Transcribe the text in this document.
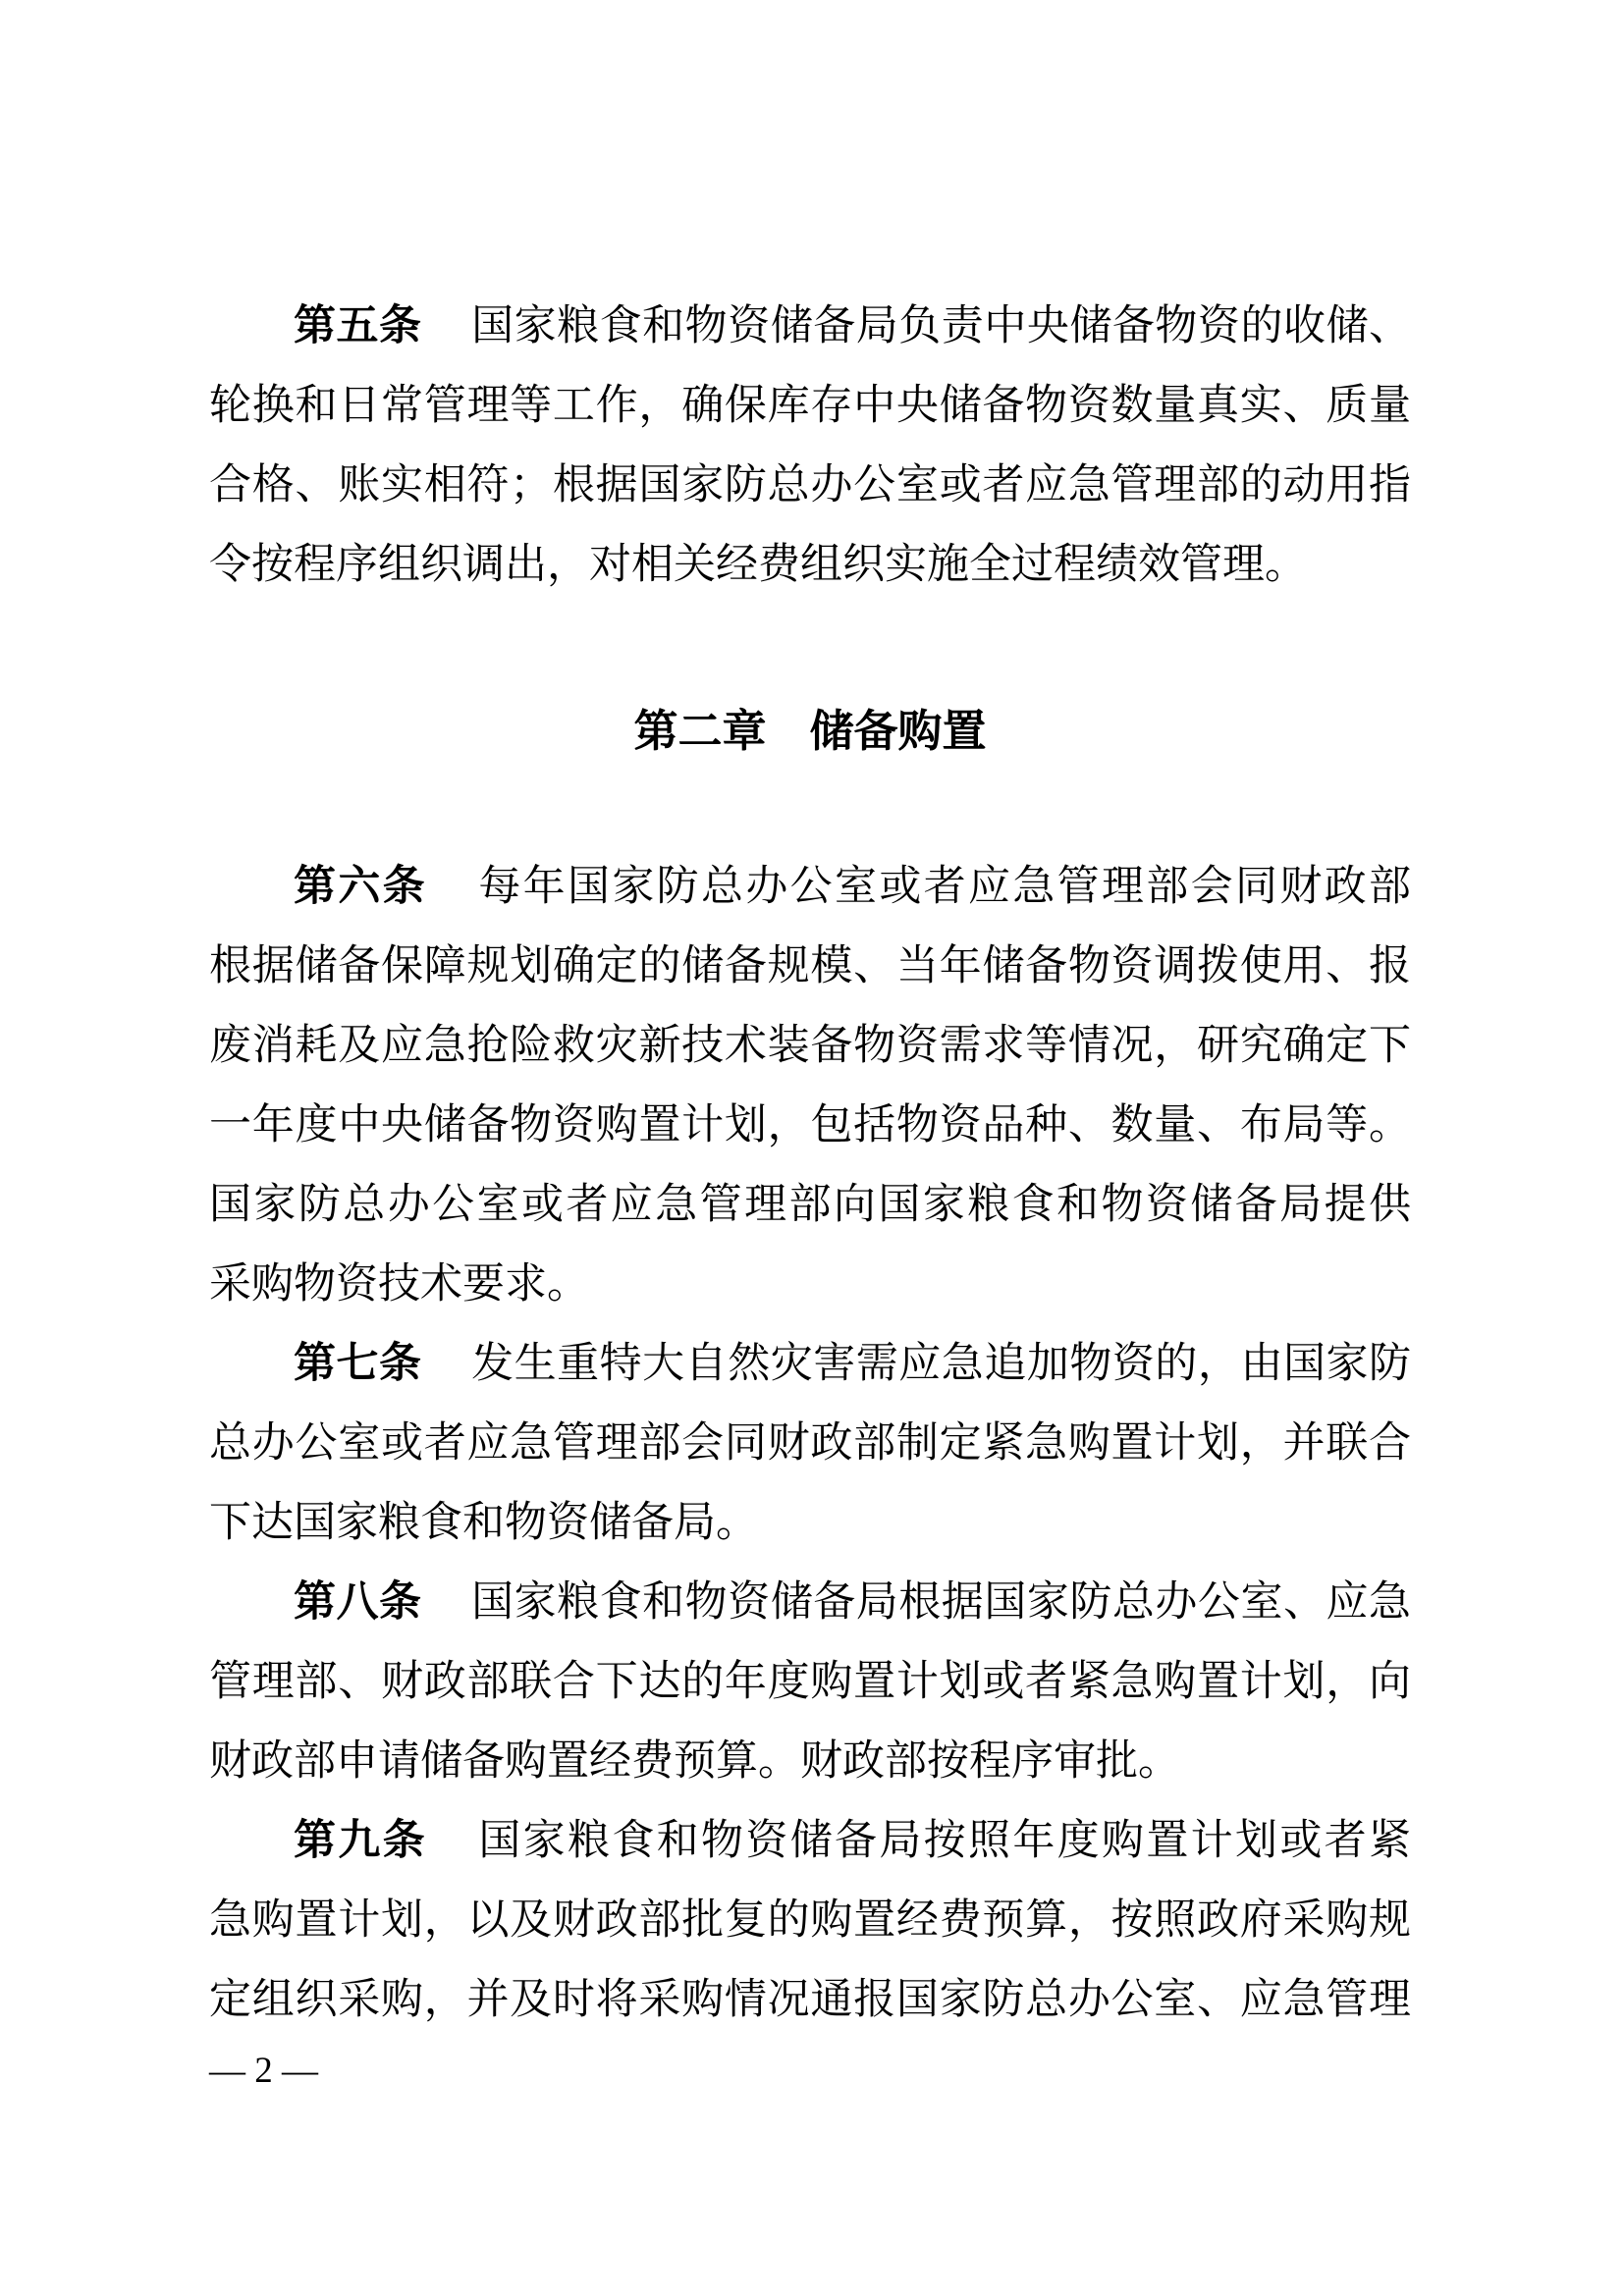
第五条 国家粮食和物资储备局负责中央储备物资的收储、
轮换和日常管理等工作，确保库存中央储备物资数量真实、质量
合格、账实相符；根据国家防总办公室或者应急管理部的动用指
令按程序组织调出，对相关经费组织实施全过程绩效管理。
第二章 储备购置
第六条 每年国家防总办公室或者应急管理部会同财政部
根据储备保障规划确定的储备规模、当年储备物资调拨使用、报
废消耗及应急抢险救灾新技术装备物资需求等情况，研究确定下
一年度中央储备物资购置计划，包括物资品种、数量、布局等。
国家防总办公室或者应急管理部向国家粮食和物资储备局提供
采购物资技术要求。
第七条 发生重特大自然灾害需应急追加物资的，由国家防
总办公室或者应急管理部会同财政部制定紧急购置计划，并联合
下达国家粮食和物资储备局。
第八条 国家粮食和物资储备局根据国家防总办公室、应急
管理部、财政部联合下达的年度购置计划或者紧急购置计划，向
财政部申请储备购置经费预算。财政部按程序审批。
第九条 国家粮食和物资储备局按照年度购置计划或者紧
急购置计划，以及财政部批复的购置经费预算，按照政府采购规
定组织采购，并及时将采购情况通报国家防总办公室、应急管理
— 2 —
